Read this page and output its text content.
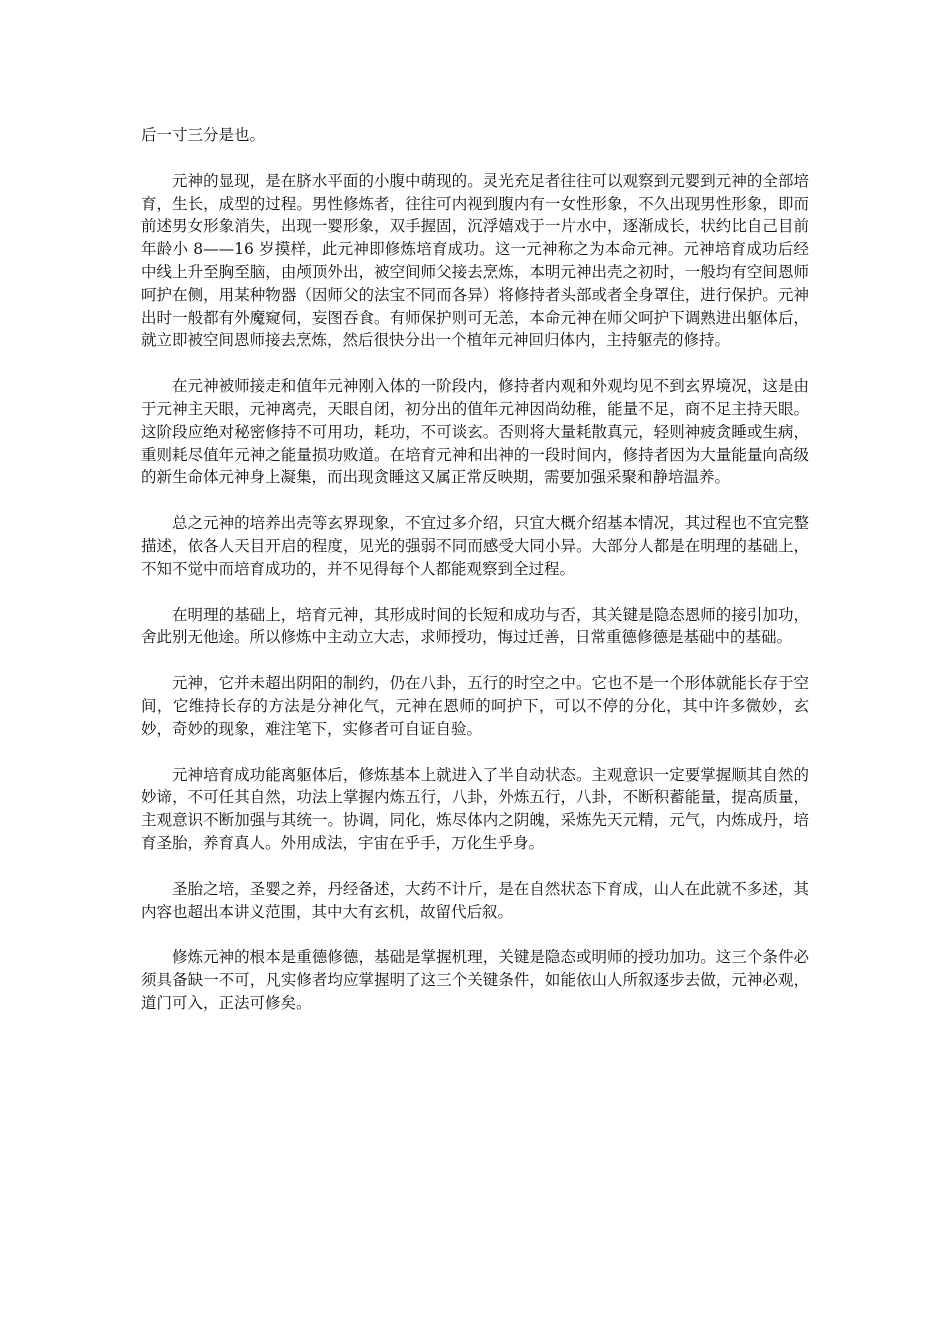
后一寸三分是也。

元神的显现，是在脐水平面的小腹中萌现的。灵光充足者往往可以观察到元婴到元神的全部培育，生长，成型的过程。男性修炼者，往往可内视到腹内有一女性形象，不久出现男性形象，即而前述男女形象消失，出现一婴形象，双手握固，沉浮嬉戏于一片水中，逐渐成长，状约比自己目前年龄小 8——16 岁摸样，此元神即修炼培育成功。这一元神称之为本命元神。元神培育成功后经中线上升至胸至脑，由颅顶外出，被空间师父接去烹炼，本明元神出壳之初时，一般均有空间恩师呵护在侧，用某种物器（因师父的法宝不同而各异）将修持者头部或者全身罩住，进行保护。元神出时一般都有外魔窥伺，妄图吞食。有师保护则可无恙，本命元神在师父呵护下调熟进出躯体后，就立即被空间恩师接去烹炼，然后很快分出一个植年元神回归体内，主持躯壳的修持。

在元神被师接走和值年元神刚入体的一阶段内，修持者内观和外观均见不到玄界境况，这是由于元神主天眼，元神离壳，天眼自闭，初分出的值年元神因尚幼稚，能量不足，商不足主持天眼。这阶段应绝对秘密修持不可用功，耗功，不可谈玄。否则将大量耗散真元，轻则神疲贪睡或生病，重则耗尽值年元神之能量损功败道。在培育元神和出神的一段时间内，修持者因为大量能量向高级的新生命体元神身上凝集，而出现贪睡这又属正常反映期，需要加强采聚和静培温养。

总之元神的培养出壳等玄界现象，不宜过多介绍，只宜大概介绍基本情况，其过程也不宜完整描述，依各人天目开启的程度，见光的强弱不同而感受大同小异。大部分人都是在明理的基础上，不知不觉中而培育成功的，并不见得每个人都能观察到全过程。

在明理的基础上，培育元神，其形成时间的长短和成功与否，其关键是隐态恩师的接引加功，舍此别无他途。所以修炼中主动立大志，求师授功，悔过迁善，日常重德修德是基础中的基础。

元神，它并未超出阴阳的制约，仍在八卦，五行的时空之中。它也不是一个形体就能长存于空间，它维持长存的方法是分神化气，元神在恩师的呵护下，可以不停的分化，其中许多微妙，玄妙，奇妙的现象，难注笔下，实修者可自证自验。

元神培育成功能离躯体后，修炼基本上就进入了半自动状态。主观意识一定要掌握顺其自然的妙谛，不可任其自然，功法上掌握内炼五行，八卦，外炼五行，八卦，不断积蓄能量，提高质量，主观意识不断加强与其统一。协调，同化，炼尽体内之阴魄，采炼先天元精，元气，内炼成丹，培育圣胎，养育真人。外用成法，宇宙在乎手，万化生乎身。

圣胎之培，圣婴之养，丹经备述，大药不计斤，是在自然状态下育成，山人在此就不多述，其内容也超出本讲义范围，其中大有玄机，故留代后叙。

修炼元神的根本是重德修德，基础是掌握机理，关键是隐态或明师的授功加功。这三个条件必须具备缺一不可，凡实修者均应掌握明了这三个关键条件，如能依山人所叙逐步去做，元神必观，道门可入，正法可修矣。
